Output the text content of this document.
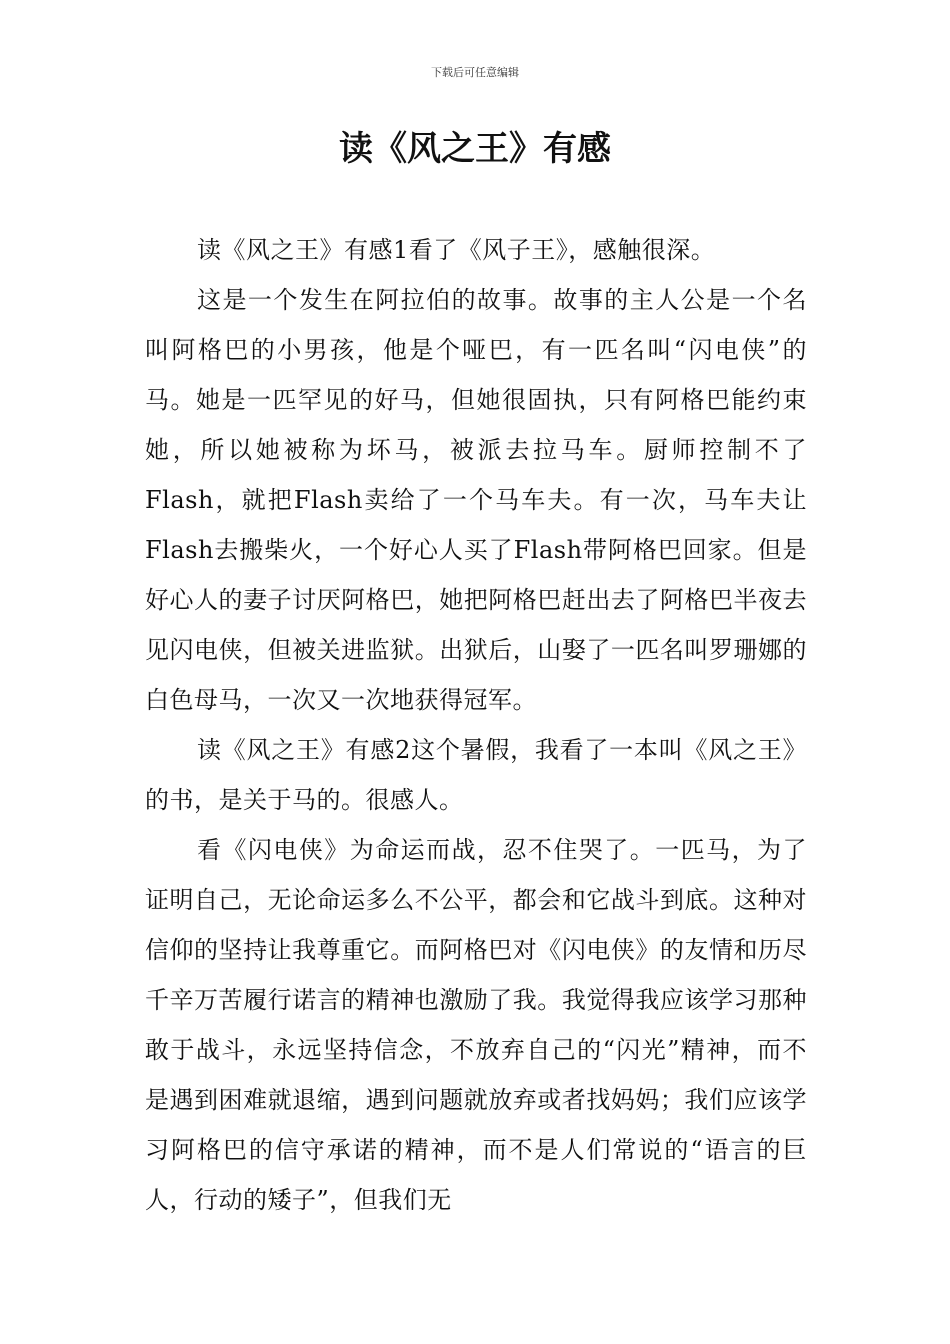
下载后可任意编辑
读《风之王》有感

读《风之王》有感1看了《风子王》，感触很深。

这是一个发生在阿拉伯的故事。故事的主人公是一个名叫阿格巴的小男孩，他是个哑巴，有一匹名叫“闪电侠”的马。她是一匹罕见的好马，但她很固执，只有阿格巴能约束她，所以她被称为坏马，被派去拉马车。厨师控制不了Flash，就把Flash卖给了一个马车夫。有一次，马车夫让Flash去搬柴火，一个好心人买了Flash带阿格巴回家。但是好心人的妻子讨厌阿格巴，她把阿格巴赶出去了阿格巴半夜去见闪电侠，但被关进监狱。出狱后，山娶了一匹名叫罗珊娜的白色母马，一次又一次地获得冠军。

读《风之王》有感2这个暑假，我看了一本叫《风之王》的书，是关于马的。很感人。

看《闪电侠》为命运而战，忍不住哭了。一匹马，为了证明自己，无论命运多么不公平，都会和它战斗到底。这种对信仰的坚持让我尊重它。而阿格巴对《闪电侠》的友情和历尽千辛万苦履行诺言的精神也激励了我。我觉得我应该学习那种敢于战斗，永远坚持信念，不放弃自己的“闪光”精神，而不是遇到困难就退缩，遇到问题就放弃或者找妈妈；我们应该学习阿格巴的信守承诺的精神，而不是人们常说的“语言的巨人，行动的矮子”，但我们无
